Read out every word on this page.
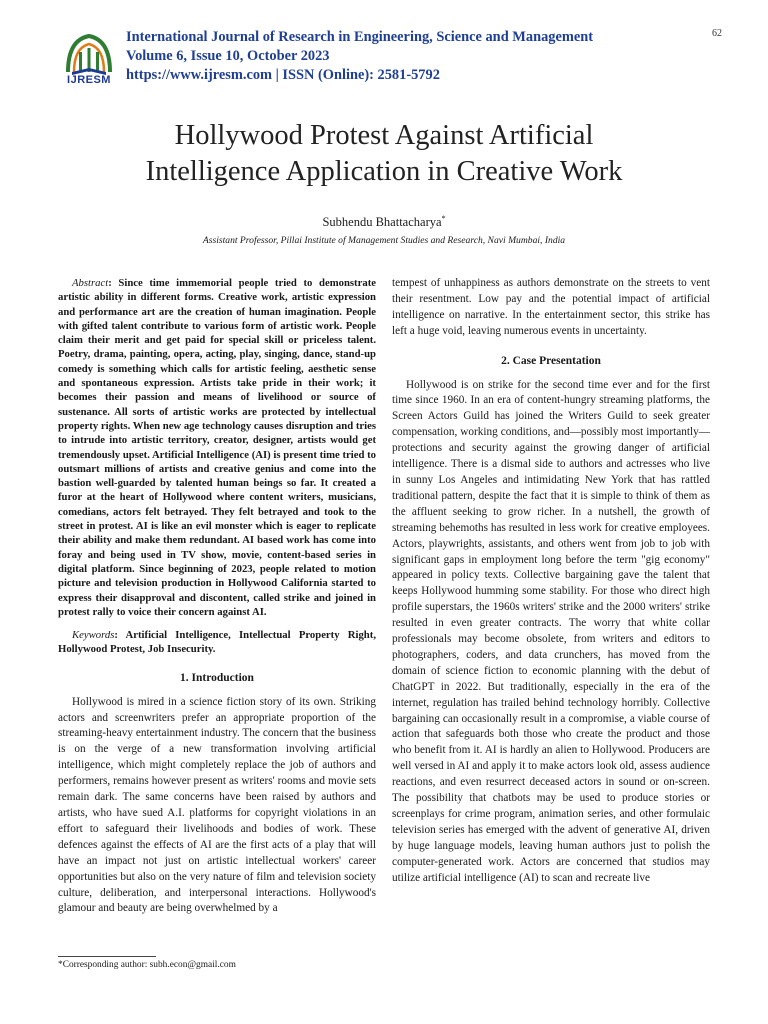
IJRESM
International Journal of Research in Engineering, Science and Management
Volume 6, Issue 10, October 2023
https://www.ijresm.com | ISSN (Online): 2581-5792
62
Hollywood Protest Against Artificial
Intelligence Application in Creative Work
Subhendu Bhattacharya*
Assistant Professor, Pillai Institute of Management Studies and Research, Navi Mumbai, India

Abstract: Since time immemorial people tried to demonstrate artistic ability in different forms. Creative work, artistic expression and performance art are the creation of human imagination. People with gifted talent contribute to various form of artistic work. People claim their merit and get paid for special skill or priceless talent. Poetry, drama, painting, opera, acting, play, singing, dance, stand-up comedy is something which calls for artistic feeling, aesthetic sense and spontaneous expression. Artists take pride in their work; it becomes their passion and means of livelihood or source of sustenance. All sorts of artistic works are protected by intellectual property rights. When new age technology causes disruption and tries to intrude into artistic territory, creator, designer, artists would get tremendously upset. Artificial Intelligence (AI) is present time tried to outsmart millions of artists and creative genius and come into the bastion well-guarded by talented human beings so far. It created a furor at the heart of Hollywood where content writers, musicians, comedians, actors felt betrayed. They felt betrayed and took to the street in protest. AI is like an evil monster which is eager to replicate their ability and make them redundant. AI based work has come into foray and being used in TV show, movie, content-based series in digital platform. Since beginning of 2023, people related to motion picture and television production in Hollywood California started to express their disapproval and discontent, called strike and joined in protest rally to voice their concern against AI.

Keywords: Artificial Intelligence, Intellectual Property Right, Hollywood Protest, Job Insecurity.

1. Introduction

Hollywood is mired in a science fiction story of its own. Striking actors and screenwriters prefer an appropriate proportion of the streaming-heavy entertainment industry. The concern that the business is on the verge of a new transformation involving artificial intelligence, which might completely replace the job of authors and performers, remains however present as writers' rooms and movie sets remain dark. The same concerns have been raised by authors and artists, who have sued A.I. platforms for copyright violations in an effort to safeguard their livelihoods and bodies of work. These defences against the effects of AI are the first acts of a play that will have an impact not just on artistic intellectual workers' career opportunities but also on the very nature of film and television society culture, deliberation, and interpersonal interactions. Hollywood's glamour and beauty are being overwhelmed by a

tempest of unhappiness as authors demonstrate on the streets to vent their resentment. Low pay and the potential impact of artificial intelligence on narrative. In the entertainment sector, this strike has left a huge void, leaving numerous events in uncertainty.

2. Case Presentation

Hollywood is on strike for the second time ever and for the first time since 1960. In an era of content-hungry streaming platforms, the Screen Actors Guild has joined the Writers Guild to seek greater compensation, working conditions, and—possibly most importantly—protections and security against the growing danger of artificial intelligence. There is a dismal side to authors and actresses who live in sunny Los Angeles and intimidating New York that has rattled traditional pattern, despite the fact that it is simple to think of them as the affluent seeking to grow richer. In a nutshell, the growth of streaming behemoths has resulted in less work for creative employees. Actors, playwrights, assistants, and others went from job to job with significant gaps in employment long before the term "gig economy" appeared in policy texts. Collective bargaining gave the talent that keeps Hollywood humming some stability. For those who direct high profile superstars, the 1960s writers' strike and the 2000 writers' strike resulted in even greater contracts. The worry that white collar professionals may become obsolete, from writers and editors to photographers, coders, and data crunchers, has moved from the domain of science fiction to economic planning with the debut of ChatGPT in 2022. But traditionally, especially in the era of the internet, regulation has trailed behind technology horribly. Collective bargaining can occasionally result in a compromise, a viable course of action that safeguards both those who create the product and those who benefit from it. AI is hardly an alien to Hollywood. Producers are well versed in AI and apply it to make actors look old, assess audience reactions, and even resurrect deceased actors in sound or on-screen. The possibility that chatbots may be used to produce stories or screenplays for crime program, animation series, and other formulaic television series has emerged with the advent of generative AI, driven by huge language models, leaving human authors just to polish the computer-generated work. Actors are concerned that studios may utilize artificial intelligence (AI) to scan and recreate live

*Corresponding author: subh.econ@gmail.com
